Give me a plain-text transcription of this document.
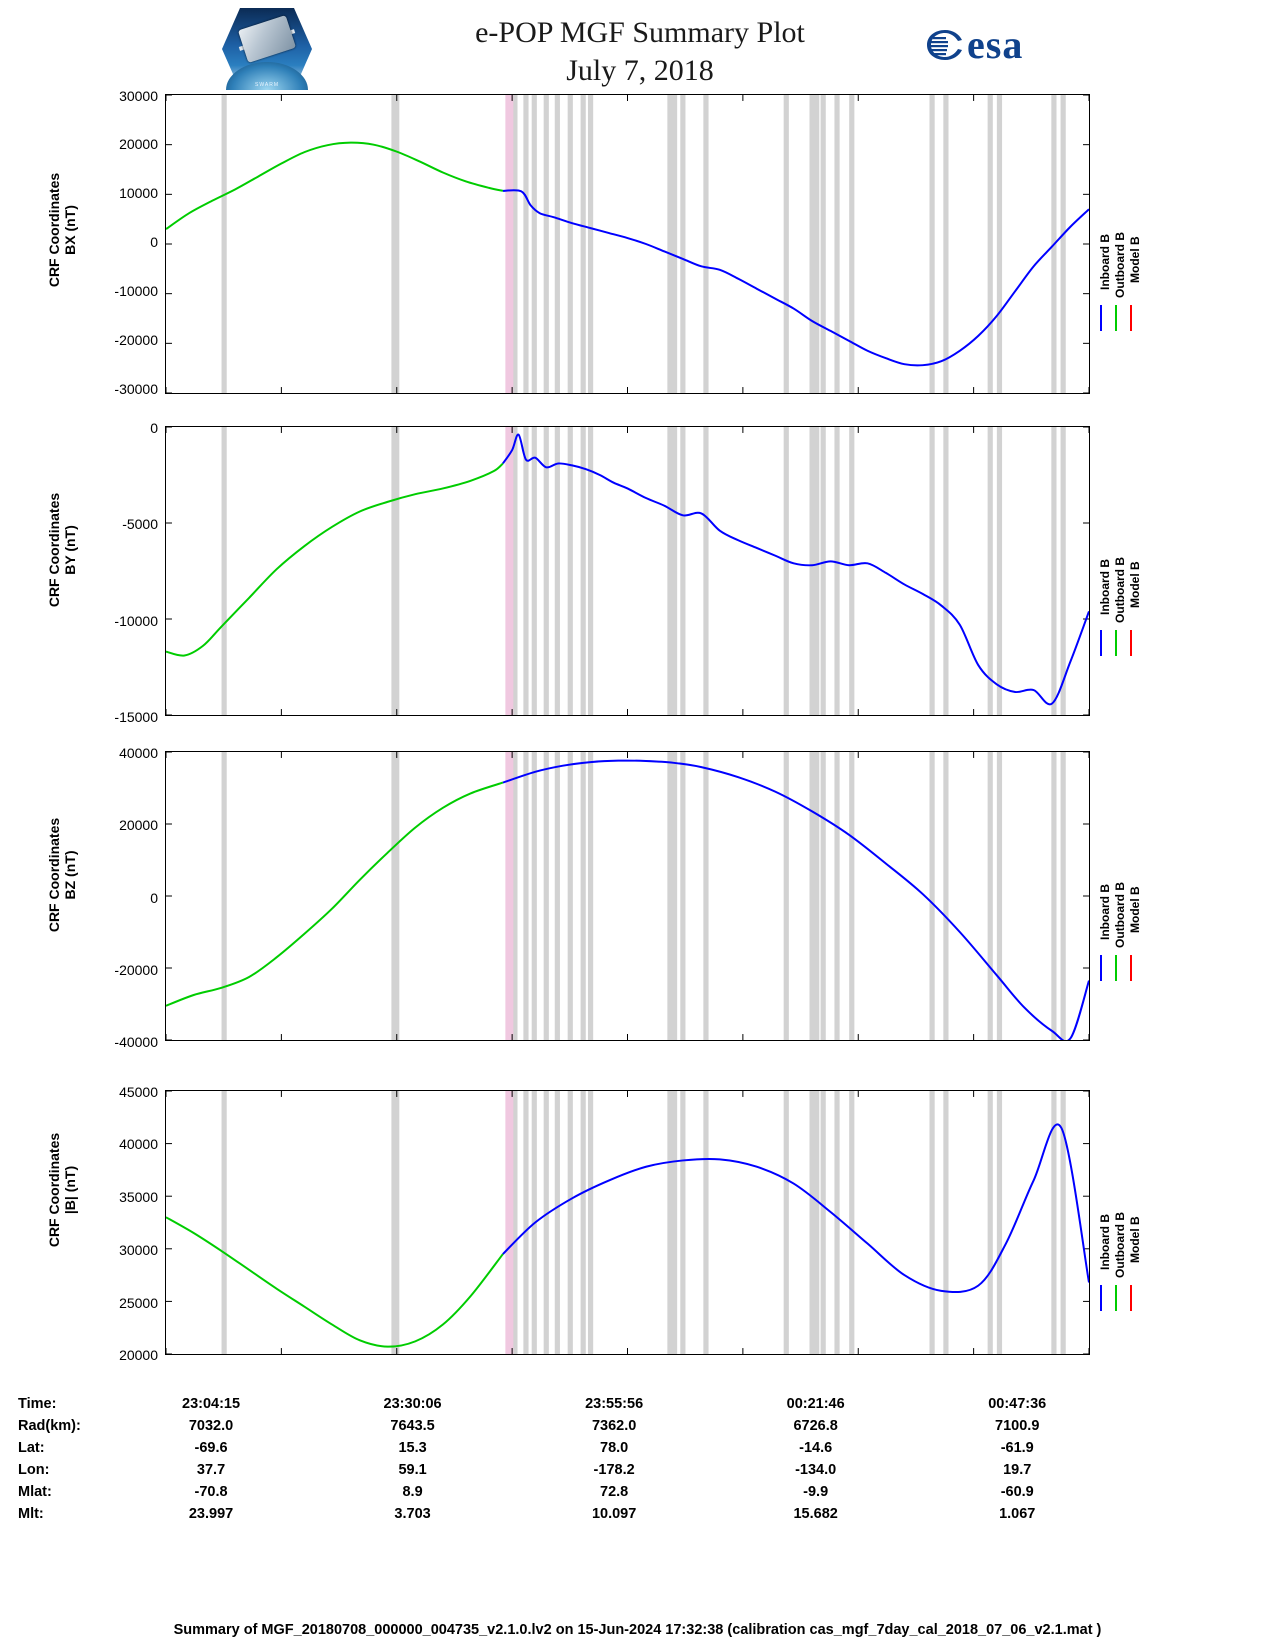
SWARM
e-POP MGF Summary Plot
July 7, 2018
esa
CRF Coordinates
BX (nT)
30000
20000
10000
0
-10000
-20000
-30000
Inboard B Outboard B Model B
CRF Coordinates
BY (nT)
0
-5000
-10000
-15000
Inboard B Outboard B Model B
CRF Coordinates
BZ (nT)
40000
20000
0
-20000
-40000
Inboard B Outboard B Model B
CRF Coordinates
|B| (nT)
45000
40000
35000
30000
25000
20000
Inboard B Outboard B Model B
Time:	23:04:15	23:30:06	23:55:56	00:21:46	00:47:36
Rad(km):	7032.0	7643.5	7362.0	6726.8	7100.9
Lat:	-69.6	15.3	78.0	-14.6	-61.9
Lon:	37.7	59.1	-178.2	-134.0	19.7
Mlat:	-70.8	8.9	72.8	-9.9	-60.9
Mlt:	23.997	3.703	10.097	15.682	1.067
Summary of MGF_20180708_000000_004735_v2.1.0.lv2 on 15-Jun-2024 17:32:38 (calibration cas_mgf_7day_cal_2018_07_06_v2.1.mat )
